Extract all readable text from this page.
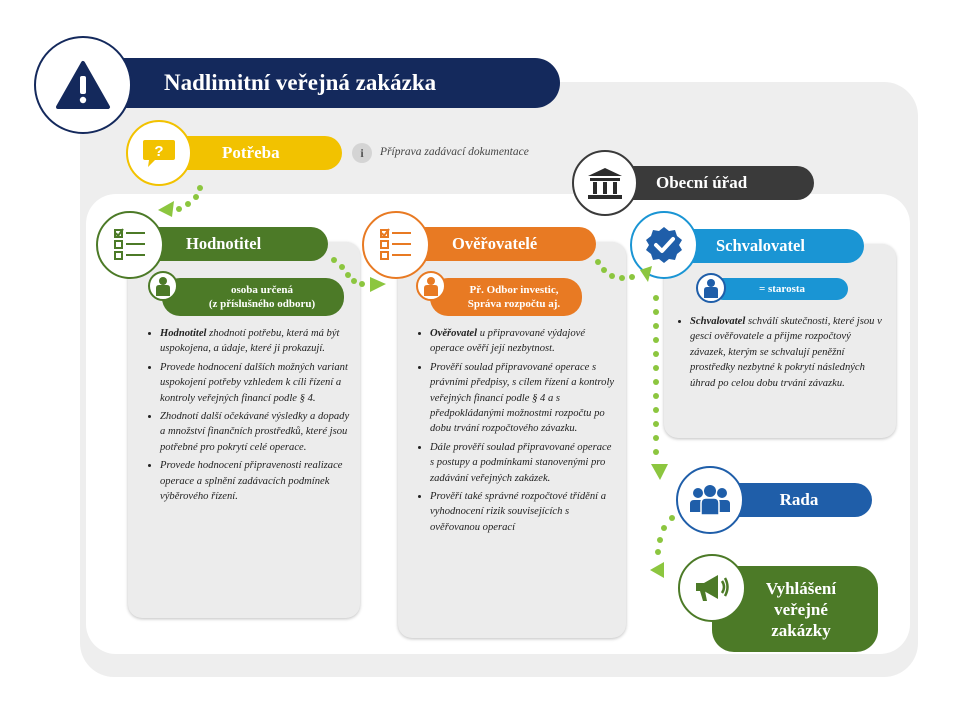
Nadlimitní veřejná zakázka
Potřeba
?	i	Příprava zadávací dokumentace
Obecní úřad
• Hodnotitel zhodnotí potřebu, která má být uspokojena, a údaje, které ji prokazují.
• Provede hodnocení dalších možných variant uspokojení potřeby vzhledem k cíli řízení a kontroly veřejných financí podle § 4.
• Zhodnotí další očekávané výsledky a dopady a množství finančních prostředků, které jsou potřebné pro pokrytí celé operace.
• Provede hodnocení připravenosti realizace operace a splnění zadávacích podmínek výběrového řízení.
Hodnotitel
osoba určená
(z příslušného odboru)
• Ověřovatel u připravované výdajové operace ověří její nezbytnost.
• Prověří soulad připravované operace s právními předpisy, s cílem řízení a kontroly veřejných financí podle § 4 a s předpokládanými možnostmi rozpočtu po dobu trvání rozpočtového závazku.
• Dále prověří soulad připravované operace s postupy a podmínkami stanovenými pro zadávání veřejných zakázek.
• Prověří také správné rozpočtové třídění a vyhodnocení rizik souvisejících s ověřovanou operací
Ověřovatelé
Př. Odbor investic,
Správa rozpočtu aj.
• Schvalovatel schválí skutečnosti, které jsou v gesci ověřovatele a přijme rozpočtový závazek, kterým se schvalují peněžní prostředky nezbytné k pokrytí následných úhrad po celou dobu trvání závazku.
Schvalovatel
= starosta
Rada
Vyhlášení
veřejné
zakázky
